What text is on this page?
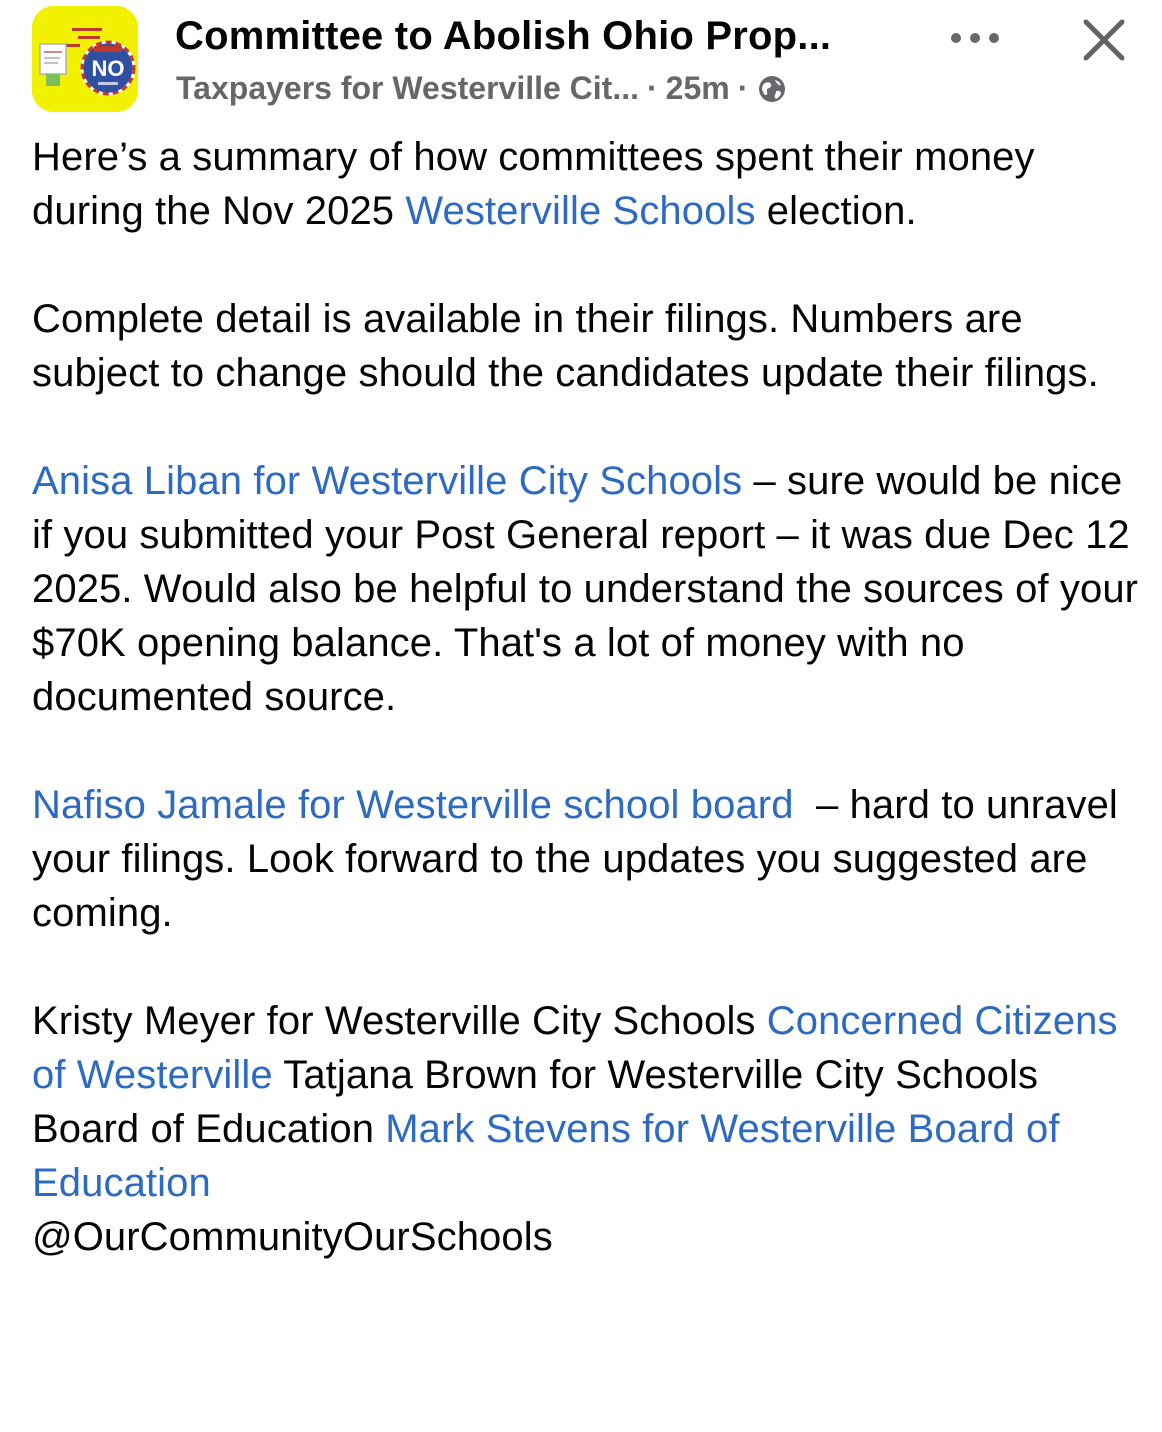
NO
Committee to Abolish Ohio Prop...
Taxpayers for Westerville Cit... · 25m ·

Here’s a summary of how committees spent their money during the Nov 2025 Westerville Schools election.

Complete detail is available in their filings. Numbers are subject to change should the candidates update their filings.

Anisa Liban for Westerville City Schools – sure would be nice if you submitted your Post General report – it was due Dec 12 2025. Would also be helpful to understand the sources of your $70K opening balance. That's a lot of money with no documented source.

Nafiso Jamale for Westerville school board  – hard to unravel your filings. Look forward to the updates you suggested are coming.

Kristy Meyer for Westerville City Schools Concerned Citizens of Westerville Tatjana Brown for Westerville City Schools Board of Education Mark Stevens for Westerville Board of Education
@OurCommunityOurSchools
